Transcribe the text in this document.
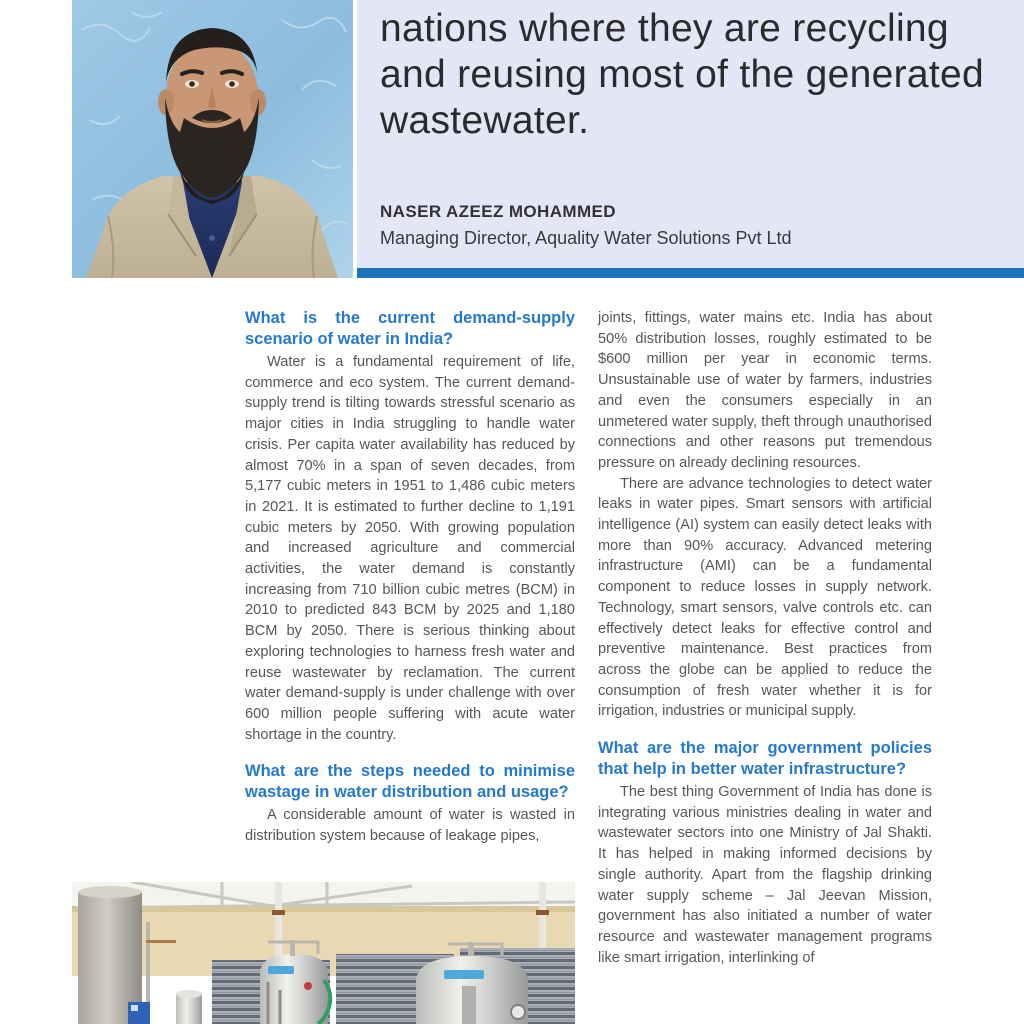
nations where they are recycling and reusing most of the generated wastewater.
NASER AZEEZ MOHAMMED
Managing Director, Aquality Water Solutions Pvt Ltd
What is the current demand-supply scenario of water in India?

Water is a fundamental requirement of life, commerce and eco system. The current demand-supply trend is tilting towards stressful scenario as major cities in India struggling to handle water crisis. Per capita water availability has reduced by almost 70% in a span of seven decades, from 5,177 cubic meters in 1951 to 1,486 cubic meters in 2021. It is estimated to further decline to 1,191 cubic meters by 2050. With growing population and increased agriculture and commercial activities, the water demand is constantly increasing from 710 billion cubic metres (BCM) in 2010 to predicted 843 BCM by 2025 and 1,180 BCM by 2050. There is serious thinking about exploring technologies to harness fresh water and reuse wastewater by reclamation. The current water demand-supply is under challenge with over 600 million people suffering with acute water shortage in the country.

What are the steps needed to minimise wastage in water distribution and usage?

A considerable amount of water is wasted in distribution system because of leakage pipes,

joints, fittings, water mains etc. India has about 50% distribution losses, roughly estimated to be $600 million per year in economic terms. Unsustainable use of water by farmers, industries and even the consumers especially in an unmetered water supply, theft through unauthorised connections and other reasons put tremendous pressure on already declining resources.

There are advance technologies to detect water leaks in water pipes. Smart sensors with artificial intelligence (AI) system can easily detect leaks with more than 90% accuracy. Advanced metering infrastructure (AMI) can be a fundamental component to reduce losses in supply network. Technology, smart sensors, valve controls etc. can effectively detect leaks for effective control and preventive maintenance. Best practices from across the globe can be applied to reduce the consumption of fresh water whether it is for irrigation, industries or municipal supply.

What are the major government policies that help in better water infrastructure?

The best thing Government of India has done is integrating various ministries dealing in water and wastewater sectors into one Ministry of Jal Shakti. It has helped in making informed decisions by single authority. Apart from the flagship drinking water supply scheme – Jal Jeevan Mission, government has also initiated a number of water resource and wastewater management programs like smart irrigation, interlinking of
